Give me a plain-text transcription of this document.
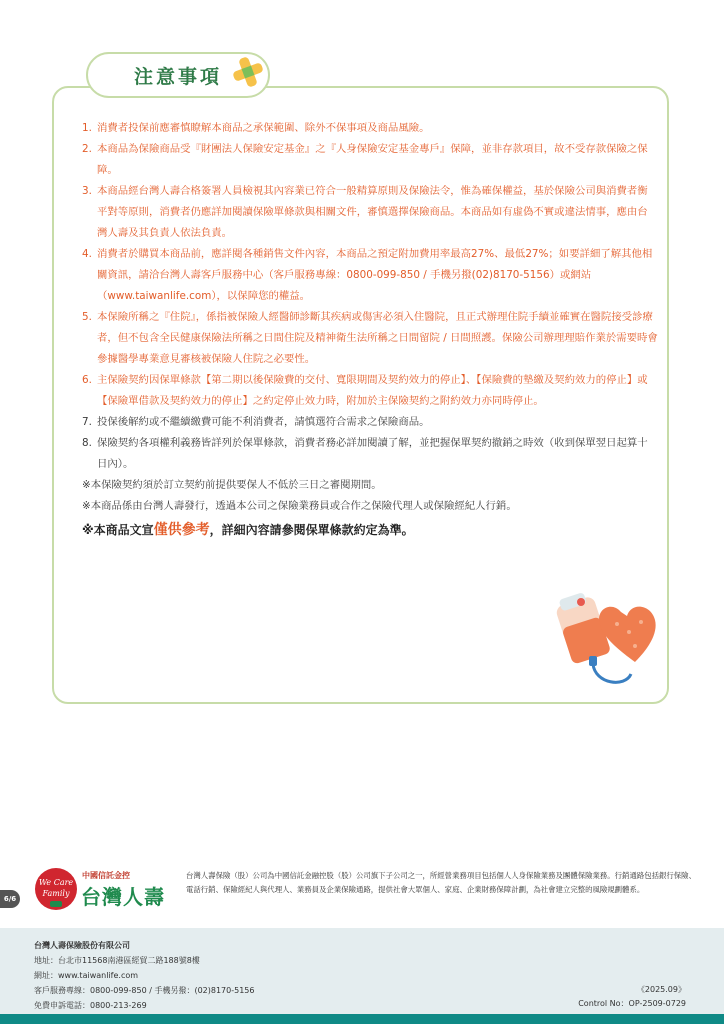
注意事項
1. 消費者投保前應審慎瞭解本商品之承保範圍、除外不保事項及商品風險。
2. 本商品為保險商品受『財團法人保險安定基金』之『人身保險安定基金專戶』保障，並非存款項目，故不受存款保險之保障。
3. 本商品經台灣人壽合格簽署人員檢視其內容業已符合一般精算原則及保險法令，惟為確保權益，基於保險公司與消費者衡平對等原則，消費者仍應詳加閱讀保險單條款與相關文件，審慎選擇保險商品。本商品如有虛偽不實或違法情事，應由台灣人壽及其負責人依法負責。
4. 消費者於購買本商品前，應詳閱各種銷售文件內容，本商品之預定附加費用率最高27%、最低27%；如要詳細了解其他相關資訊，請洽台灣人壽客戶服務中心（客戶服務專線：0800-099-850 / 手機另撥(02)8170-5156）或網站（www.taiwanlife.com），以保障您的權益。
5. 本保險所稱之『住院』，係指被保險人經醫師診斷其疾病或傷害必須入住醫院，且正式辦理住院手續並確實在醫院接受診療者，但不包含全民健康保險法所稱之日間住院及精神衛生法所稱之日間留院 / 日間照護。保險公司辦理理賠作業於需要時會參據醫學專業意見審核被保險人住院之必要性。
6. 主保險契約因保單條款【第二期以後保險費的交付、寬限期間及契約效力的停止】、【保險費的墊繳及契約效力的停止】或【保險單借款及契約效力的停止】之約定停止效力時，附加於主保險契約之附約效力亦同時停止。
7. 投保後解約或不繼續繳費可能不利消費者，請慎選符合需求之保險商品。
8. 保險契約各項權利義務皆詳列於保單條款，消費者務必詳加閱讀了解，並把握保單契約撤銷之時效（收到保單翌日起算十日內）。
※本保險契約須於訂立契約前提供要保人不低於三日之審閱期間。
※本商品係由台灣人壽發行，透過本公司之保險業務員或合作之保險代理人或保險經紀人行銷。
※本商品文宣僅供參考，詳細內容請參閱保單條款約定為準。
6/6
We Care
Family
中國信託金控
台灣人壽
台灣人壽保險（股）公司為中國信託金融控股（股）公司旗下子公司之一，所經營業務項目包括個人人身保險業務及團體保險業務。行銷通路包括銀行保險、電話行銷、保險經紀人與代理人、業務員及企業保險通路，提供社會大眾個人、家庭、企業財務保障計劃，為社會建立完整的風險規劃體系。
台灣人壽保險股份有限公司
地址：台北市11568南港區經貿二路188號8樓
網址：www.taiwanlife.com
客戶服務專線：0800-099-850 / 手機另撥：(02)8170-5156
免費申訴電話：0800-213-269
《2025.09》
Control No：OP-2509-0729
